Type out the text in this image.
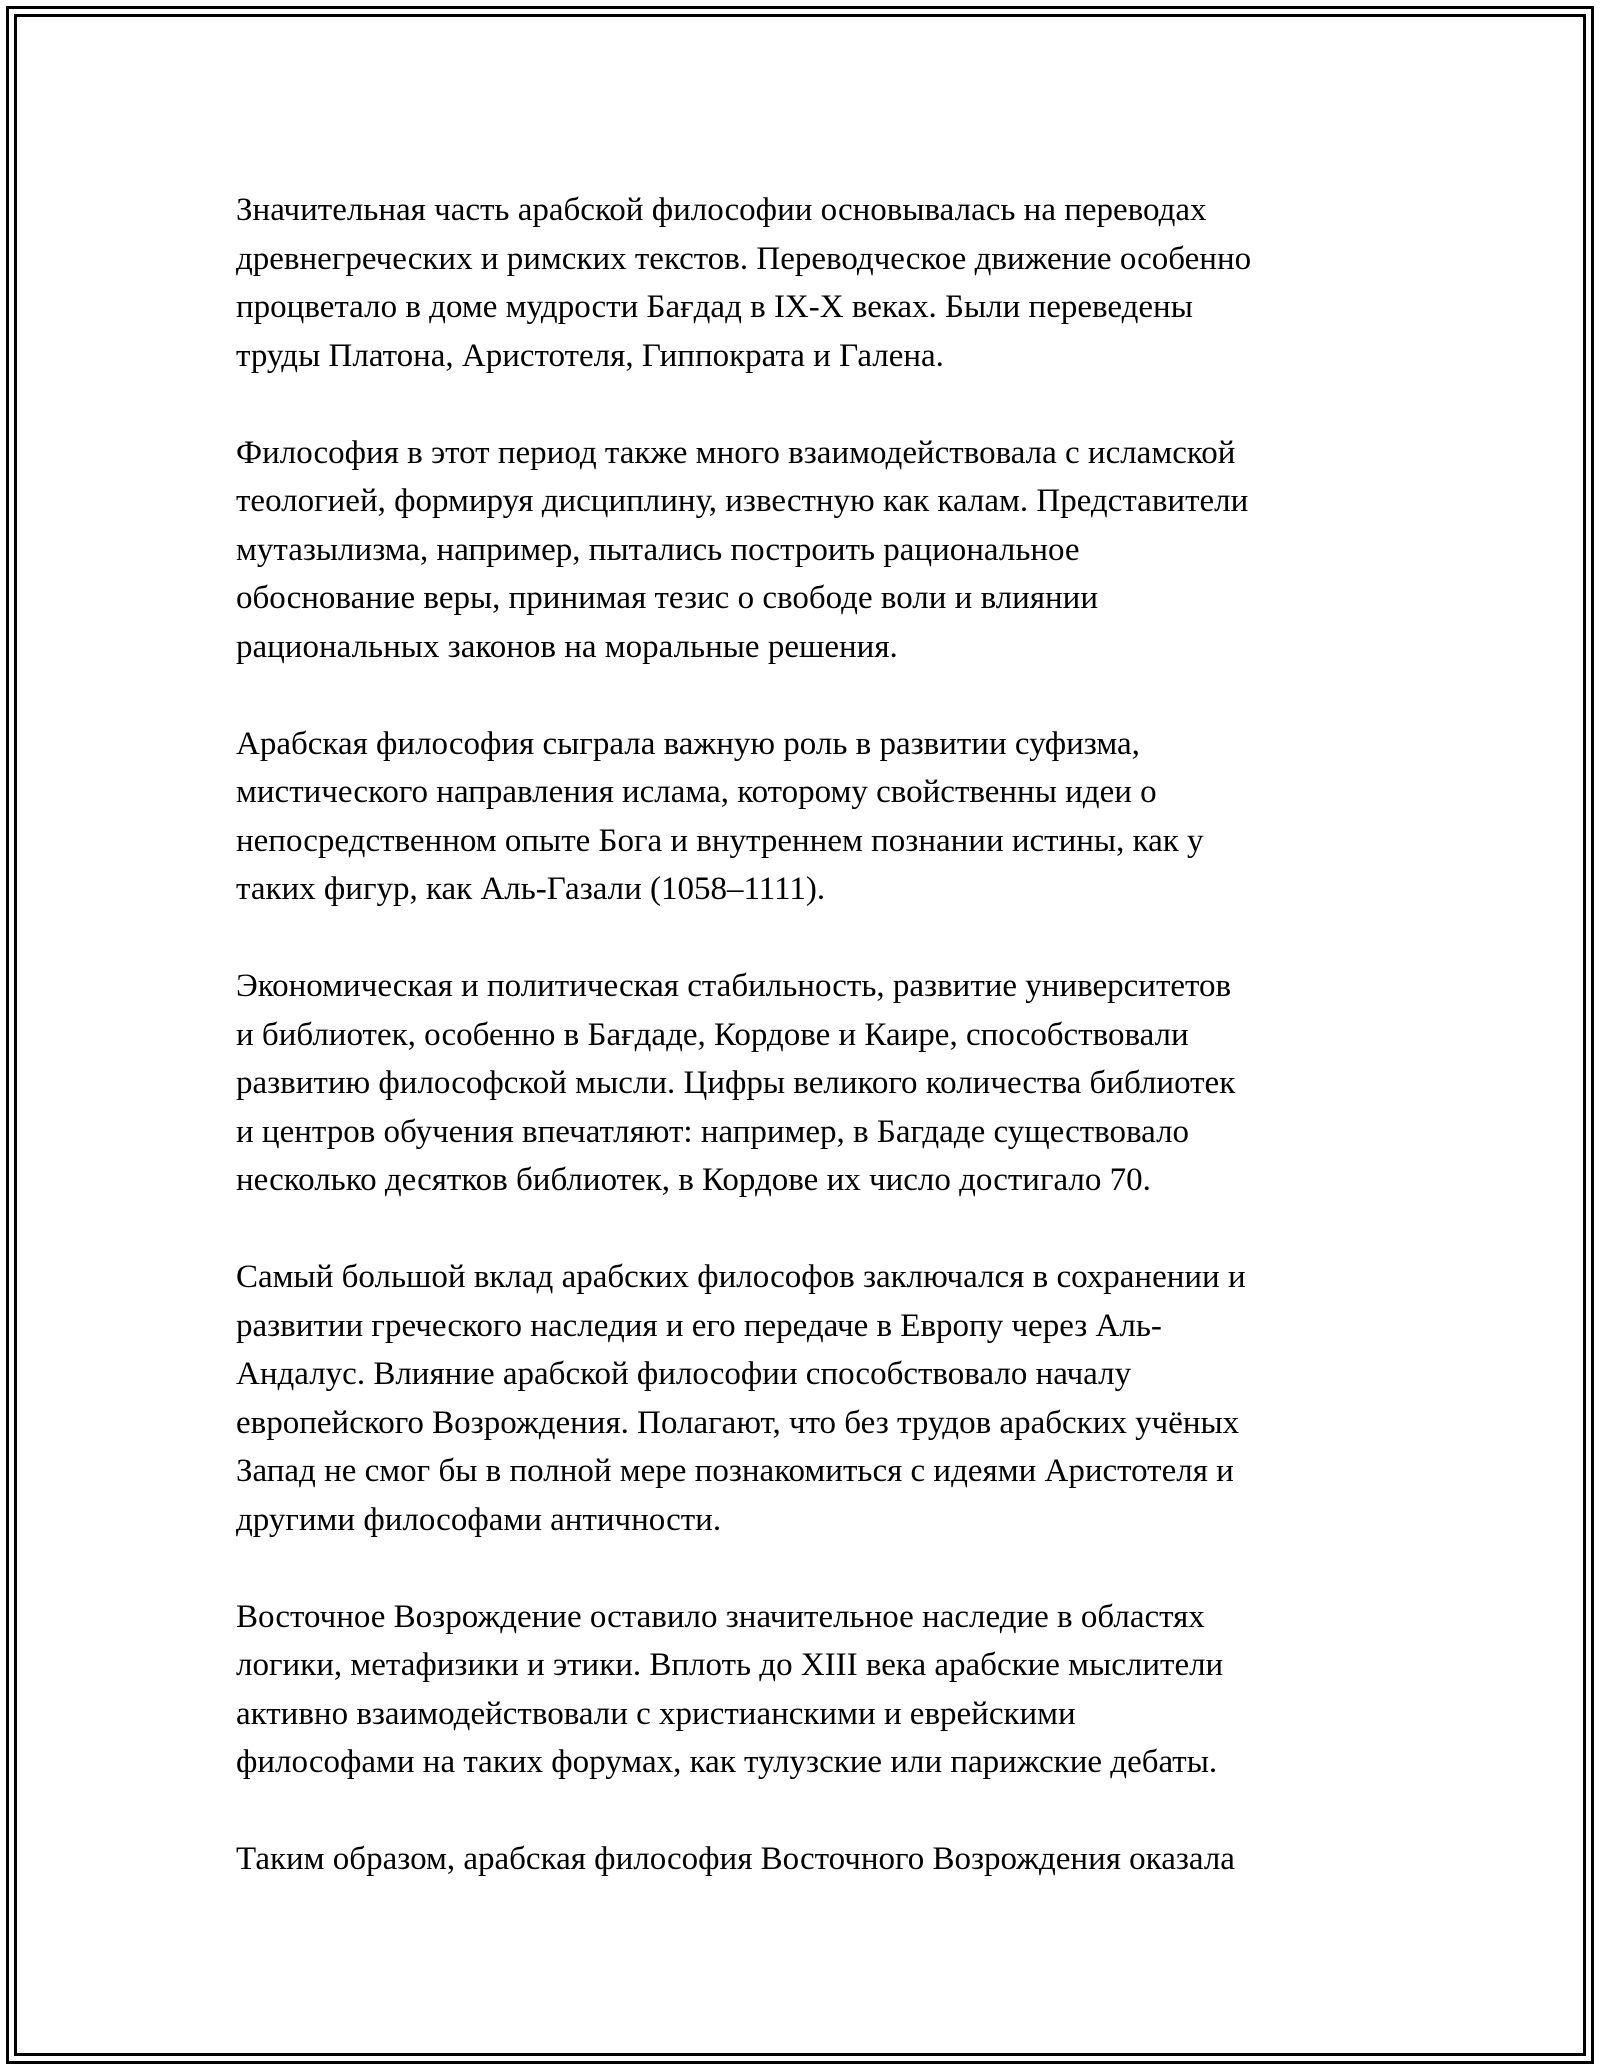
Значительная часть арабской философии основывалась на переводах
древнегреческих и римских текстов. Переводческое движение особенно
процветало в доме мудрости Бағдад в IX-X веках. Были переведены
труды Платона, Аристотеля, Гиппократа и Галена.

Философия в этот период также много взаимодействовала с исламской
теологией, формируя дисциплину, известную как калам. Представители
мутазылизма, например, пытались построить рациональное
обоснование веры, принимая тезис о свободе воли и влиянии
рациональных законов на моральные решения.

Арабская философия сыграла важную роль в развитии суфизма,
мистического направления ислама, которому свойственны идеи о
непосредственном опыте Бога и внутреннем познании истины, как у
таких фигур, как Аль-Газали (1058–1111).

Экономическая и политическая стабильность, развитие университетов
и библиотек, особенно в Бағдаде, Кордове и Каире, способствовали
развитию философской мысли. Цифры великого количества библиотек
и центров обучения впечатляют: например, в Багдаде существовало
несколько десятков библиотек, в Кордове их число достигало 70.

Самый большой вклад арабских философов заключался в сохранении и
развитии греческого наследия и его передаче в Европу через Аль-
Андалус. Влияние арабской философии способствовало началу
европейского Возрождения. Полагают, что без трудов арабских учёных
Запад не смог бы в полной мере познакомиться с идеями Аристотеля и
другими философами античности.

Восточное Возрождение оставило значительное наследие в областях
логики, метафизики и этики. Вплоть до XIII века арабские мыслители
активно взаимодействовали с христианскими и еврейскими
философами на таких форумах, как тулузские или парижские дебаты.

Таким образом, арабская философия Восточного Возрождения оказала
